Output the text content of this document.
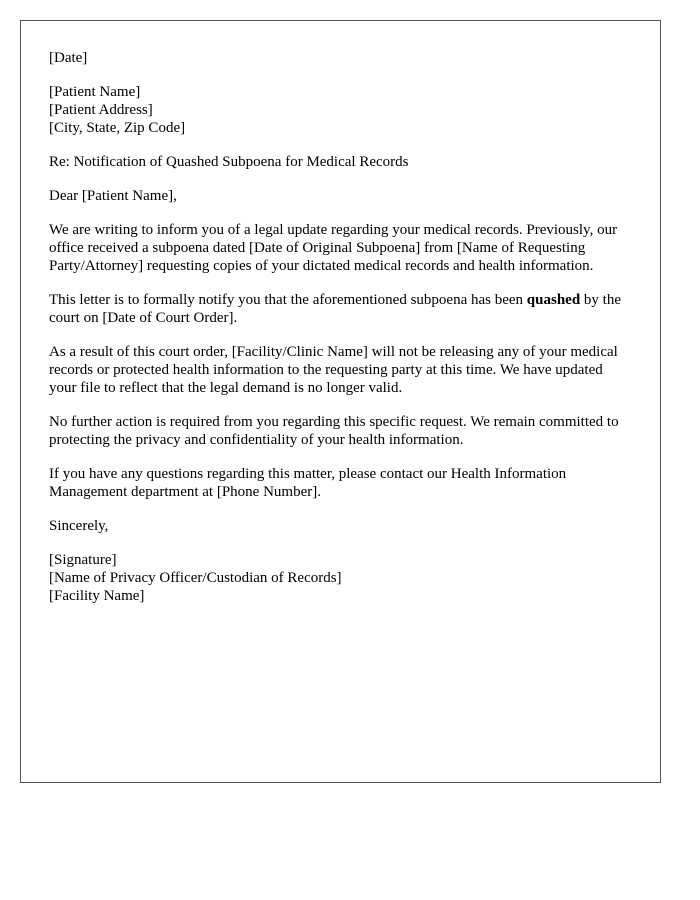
[Date]

[Patient Name]
[Patient Address]
[City, State, Zip Code]

Re: Notification of Quashed Subpoena for Medical Records

Dear [Patient Name],

We are writing to inform you of a legal update regarding your medical records. Previously, our office received a subpoena dated [Date of Original Subpoena] from [Name of Requesting Party/Attorney] requesting copies of your dictated medical records and health information.

This letter is to formally notify you that the aforementioned subpoena has been quashed by the court on [Date of Court Order].

As a result of this court order, [Facility/Clinic Name] will not be releasing any of your medical records or protected health information to the requesting party at this time. We have updated your file to reflect that the legal demand is no longer valid.

No further action is required from you regarding this specific request. We remain committed to protecting the privacy and confidentiality of your health information.

If you have any questions regarding this matter, please contact our Health Information Management department at [Phone Number].

Sincerely,

[Signature]
[Name of Privacy Officer/Custodian of Records]
[Facility Name]
